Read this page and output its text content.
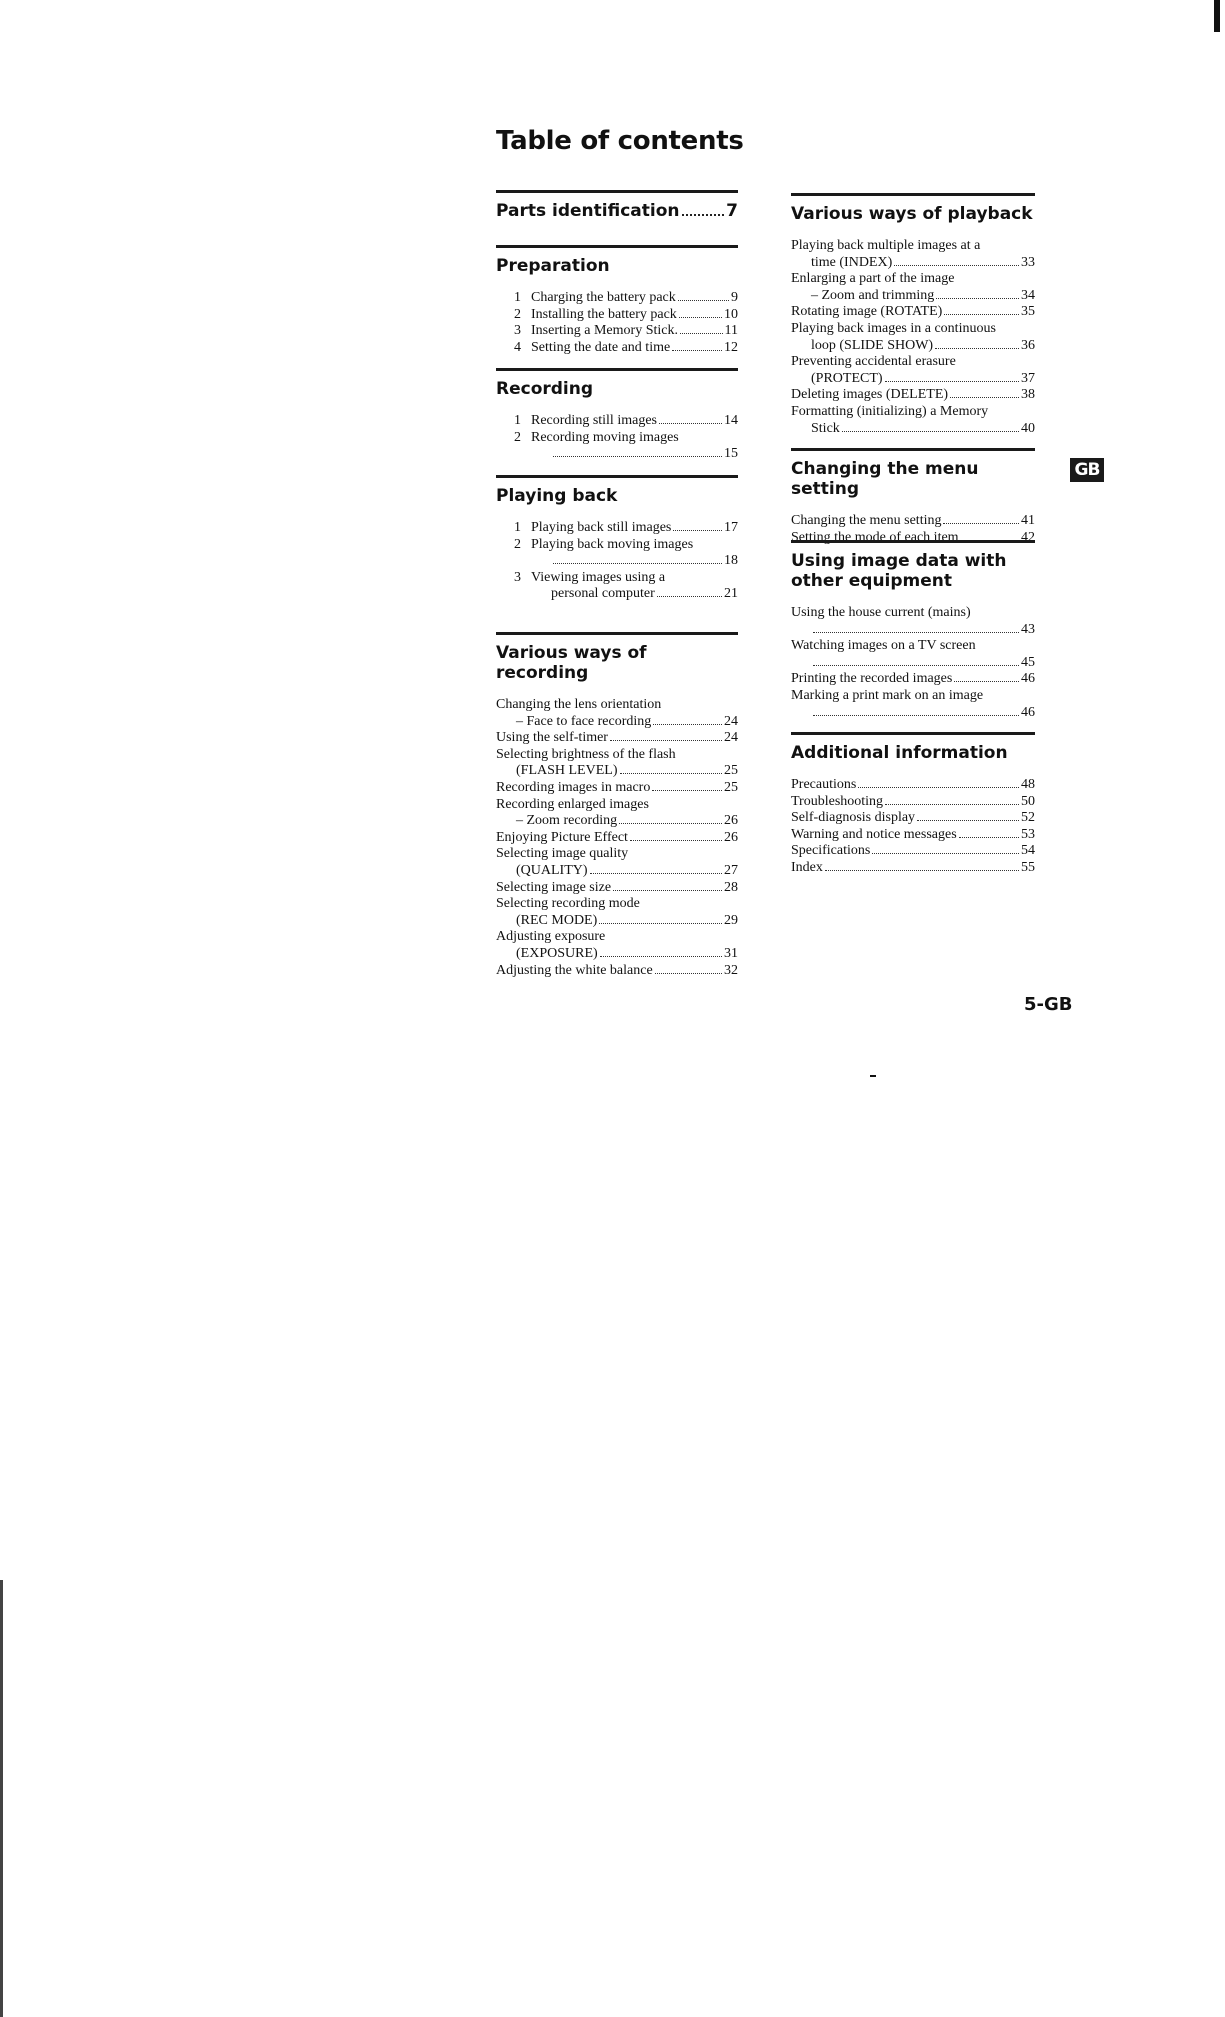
Table of contents
Parts identification	7
Preparation
1 Charging the battery pack	9
2 Installing the battery pack	10
3 Inserting a Memory Stick.	11
4 Setting the date and time	12
Recording
1 Recording still images	14
2 Recording moving images
15
Playing back
1 Playing back still images	17
2 Playing back moving images
18
3 Viewing images using a
personal computer	21
Various ways of recording
Changing the lens orientation
– Face to face recording	24
Using the self-timer	24
Selecting brightness of the flash
(FLASH LEVEL)	25
Recording images in macro	25
Recording enlarged images
– Zoom recording	26
Enjoying Picture Effect	26
Selecting image quality
(QUALITY)	27
Selecting image size	28
Selecting recording mode
(REC MODE)	29
Adjusting exposure
(EXPOSURE)	31
Adjusting the white balance	32
Various ways of playback
Playing back multiple images at a
time (INDEX)	33
Enlarging a part of the image
– Zoom and trimming	34
Rotating image (ROTATE)	35
Playing back images in a continuous
loop (SLIDE SHOW)	36
Preventing accidental erasure
(PROTECT)	37
Deleting images (DELETE)	38
Formatting (initializing) a Memory
Stick	40
Changing the menu setting
Changing the menu setting	41
Setting the mode of each item	42
Using image data with other equipment
Using the house current (mains)
43
Watching images on a TV screen
45
Printing the recorded images	46
Marking a print mark on an image
46
Additional information
Precautions	48
Troubleshooting	50
Self-diagnosis display	52
Warning and notice messages	53
Specifications	54
Index	55
GB
5-GB
